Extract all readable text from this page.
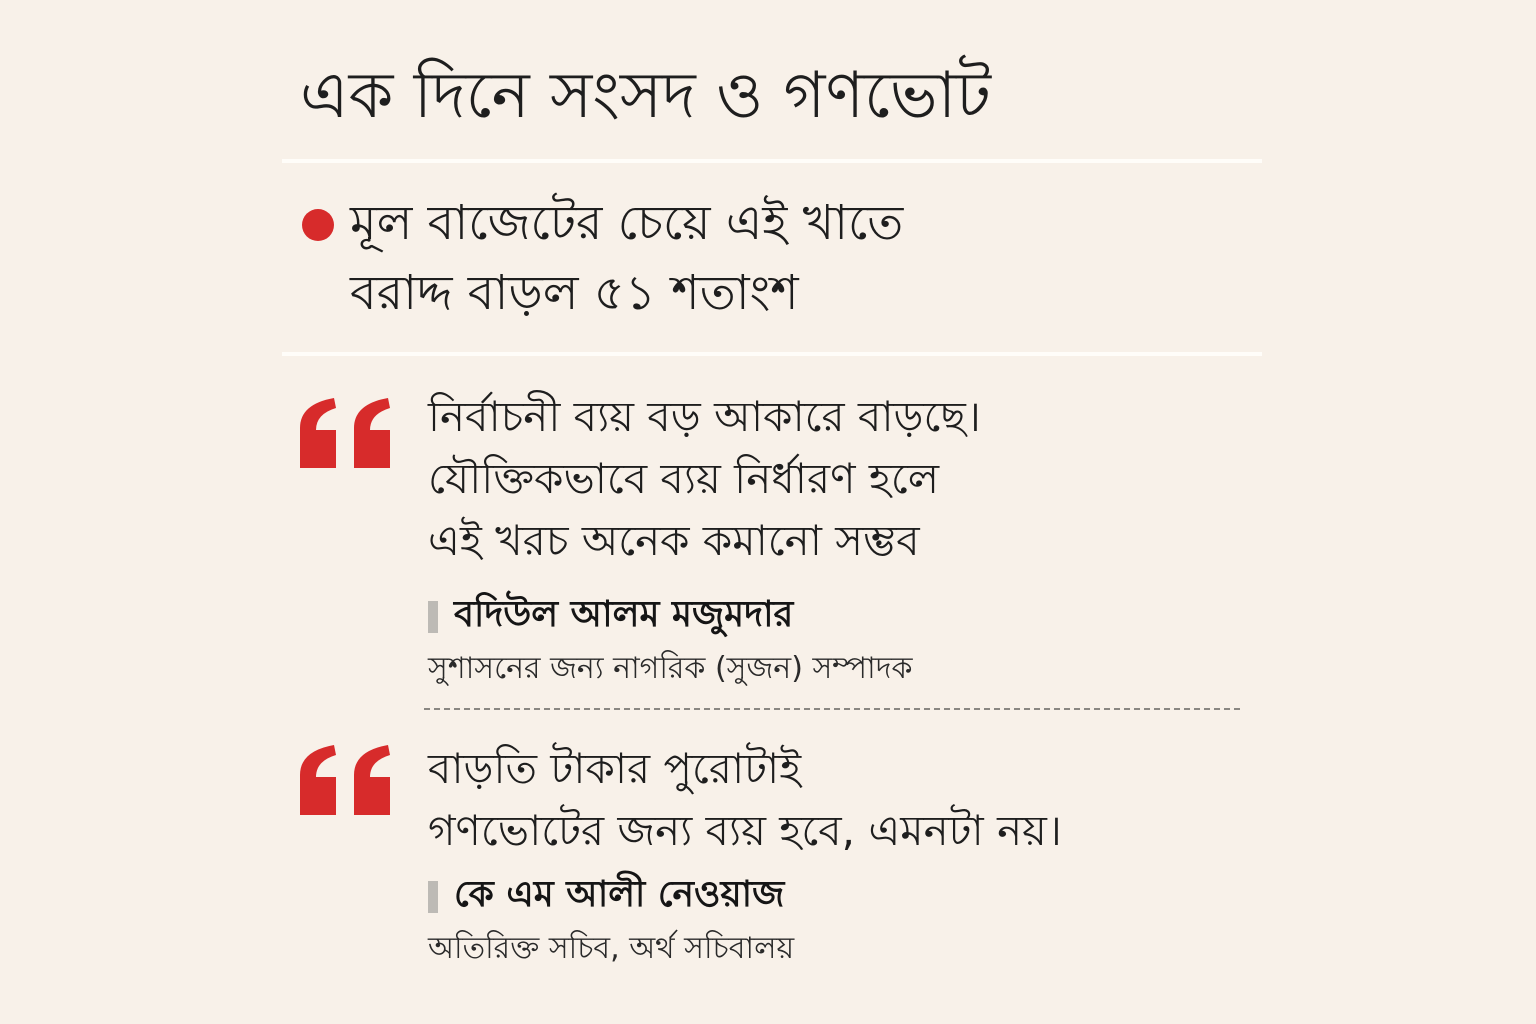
এক দিনে সংসদ ও গণভোট
মূল বাজেটের চেয়ে এই খাতে
বরাদ্দ বাড়ল ৫১ শতাংশ
নির্বাচনী ব্যয় বড় আকারে বাড়ছে।
যৌক্তিকভাবে ব্যয় নির্ধারণ হলে
এই খরচ অনেক কমানো সম্ভব
বদিউল আলম মজুমদার
সুশাসনের জন্য নাগরিক (সুজন) সম্পাদক
বাড়তি টাকার পুরোটাই
গণভোটের জন্য ব্যয় হবে, এমনটা নয়।
কে এম আলী নেওয়াজ
অতিরিক্ত সচিব, অর্থ সচিবালয়
